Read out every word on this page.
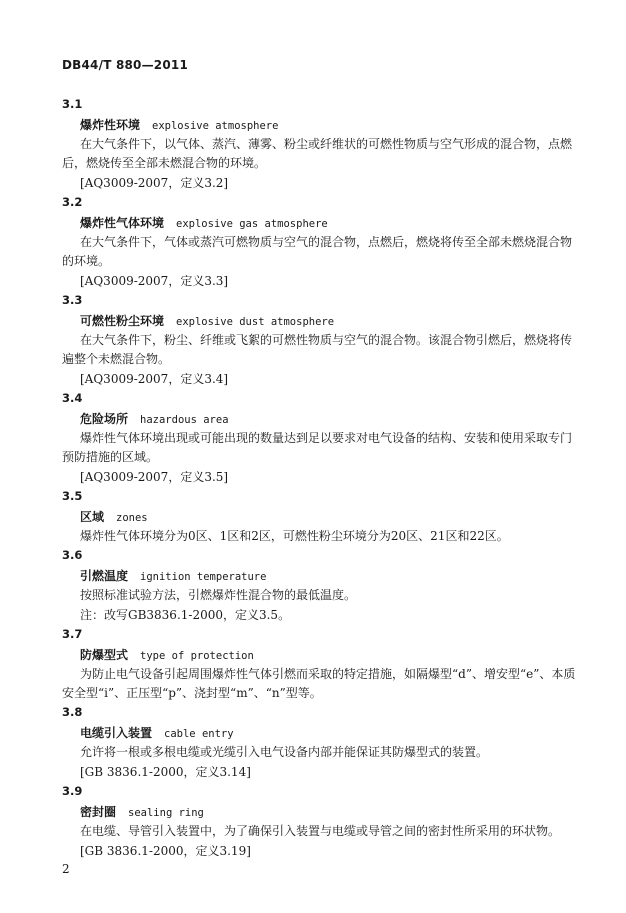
DB44/T 880—2011
3.1
爆炸性环境 explosive atmosphere

在大气条件下，以气体、蒸汽、薄雾、粉尘或纤维状的可燃性物质与空气形成的混合物，点燃后，燃烧传至全部未燃混合物的环境。

[AQ3009-2007，定义3.2]

3.2
爆炸性气体环境 explosive gas atmosphere

在大气条件下，气体或蒸汽可燃物质与空气的混合物，点燃后，燃烧将传至全部未燃烧混合物的环境。

[AQ3009-2007，定义3.3]

3.3
可燃性粉尘环境 explosive dust atmosphere

在大气条件下，粉尘、纤维或飞絮的可燃性物质与空气的混合物。该混合物引燃后，燃烧将传遍整个未燃混合物。

[AQ3009-2007，定义3.4]

3.4
危险场所 hazardous area

爆炸性气体环境出现或可能出现的数量达到足以要求对电气设备的结构、安装和使用采取专门预防措施的区域。

[AQ3009-2007，定义3.5]

3.5
区域 zones

爆炸性气体环境分为0区、1区和2区，可燃性粉尘环境分为20区、21区和22区。

3.6
引燃温度 ignition temperature

按照标准试验方法，引燃爆炸性混合物的最低温度。

注：改写GB3836.1-2000，定义3.5。

3.7
防爆型式 type of protection

为防止电气设备引起周围爆炸性气体引燃而采取的特定措施，如隔爆型“d”、增安型“e”、本质安全型“i”、正压型“p”、浇封型“m”、“n”型等。

3.8
电缆引入装置 cable entry

允许将一根或多根电缆或光缆引入电气设备内部并能保证其防爆型式的装置。

[GB 3836.1-2000，定义3.14]

3.9
密封圈 sealing ring

在电缆、导管引入装置中，为了确保引入装置与电缆或导管之间的密封性所采用的环状物。

[GB 3836.1-2000，定义3.19]

2
